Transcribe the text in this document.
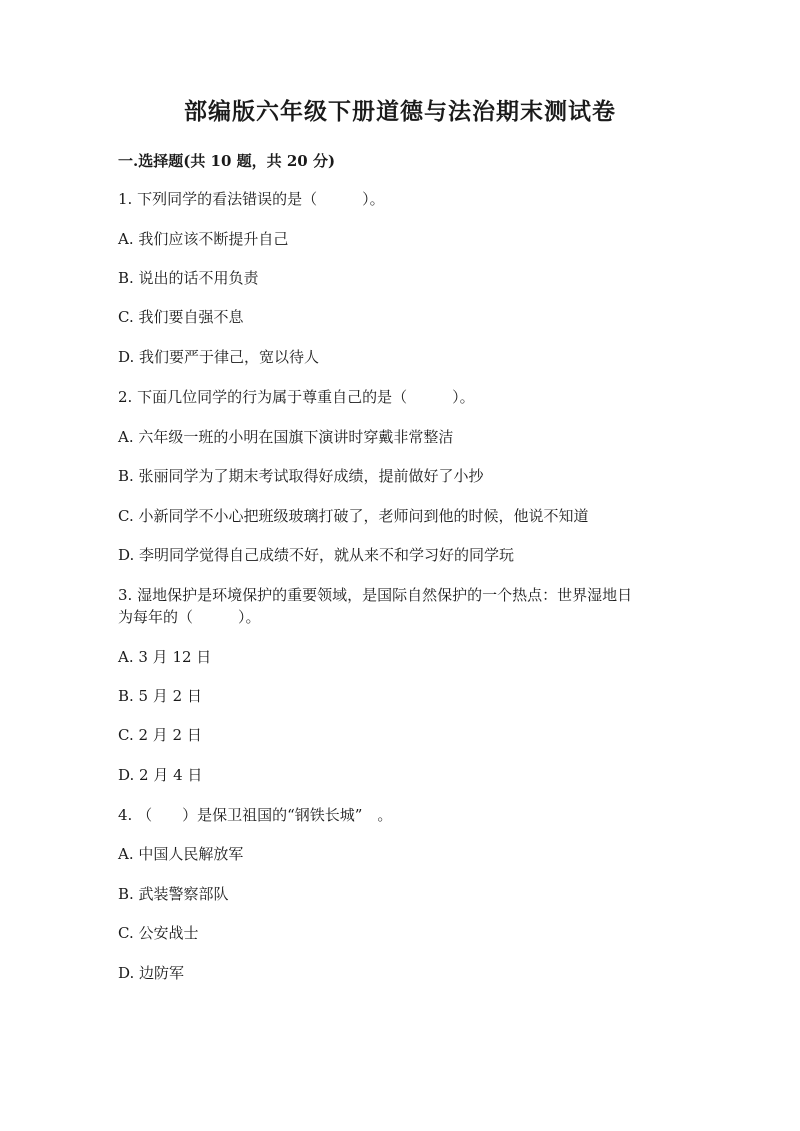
部编版六年级下册道德与法治期末测试卷
一.选择题(共 10 题，共 20 分)
1. 下列同学的看法错误的是（　　　）。
A. 我们应该不断提升自己
B. 说出的话不用负责
C. 我们要自强不息
D. 我们要严于律己，宽以待人
2. 下面几位同学的行为属于尊重自己的是（　　　）。
A. 六年级一班的小明在国旗下演讲时穿戴非常整洁
B. 张丽同学为了期末考试取得好成绩，提前做好了小抄
C. 小新同学不小心把班级玻璃打破了，老师问到他的时候，他说不知道
D. 李明同学觉得自己成绩不好，就从来不和学习好的同学玩
3. 湿地保护是环境保护的重要领域，是国际自然保护的一个热点：世界湿地日
为每年的（　　　）。
A. 3 月 12 日
B. 5 月 2 日
C. 2 月 2 日
D. 2 月 4 日
4. （　　）是保卫祖国的“钢铁长城”　。
A. 中国人民解放军
B. 武装警察部队
C. 公安战士
D. 边防军
